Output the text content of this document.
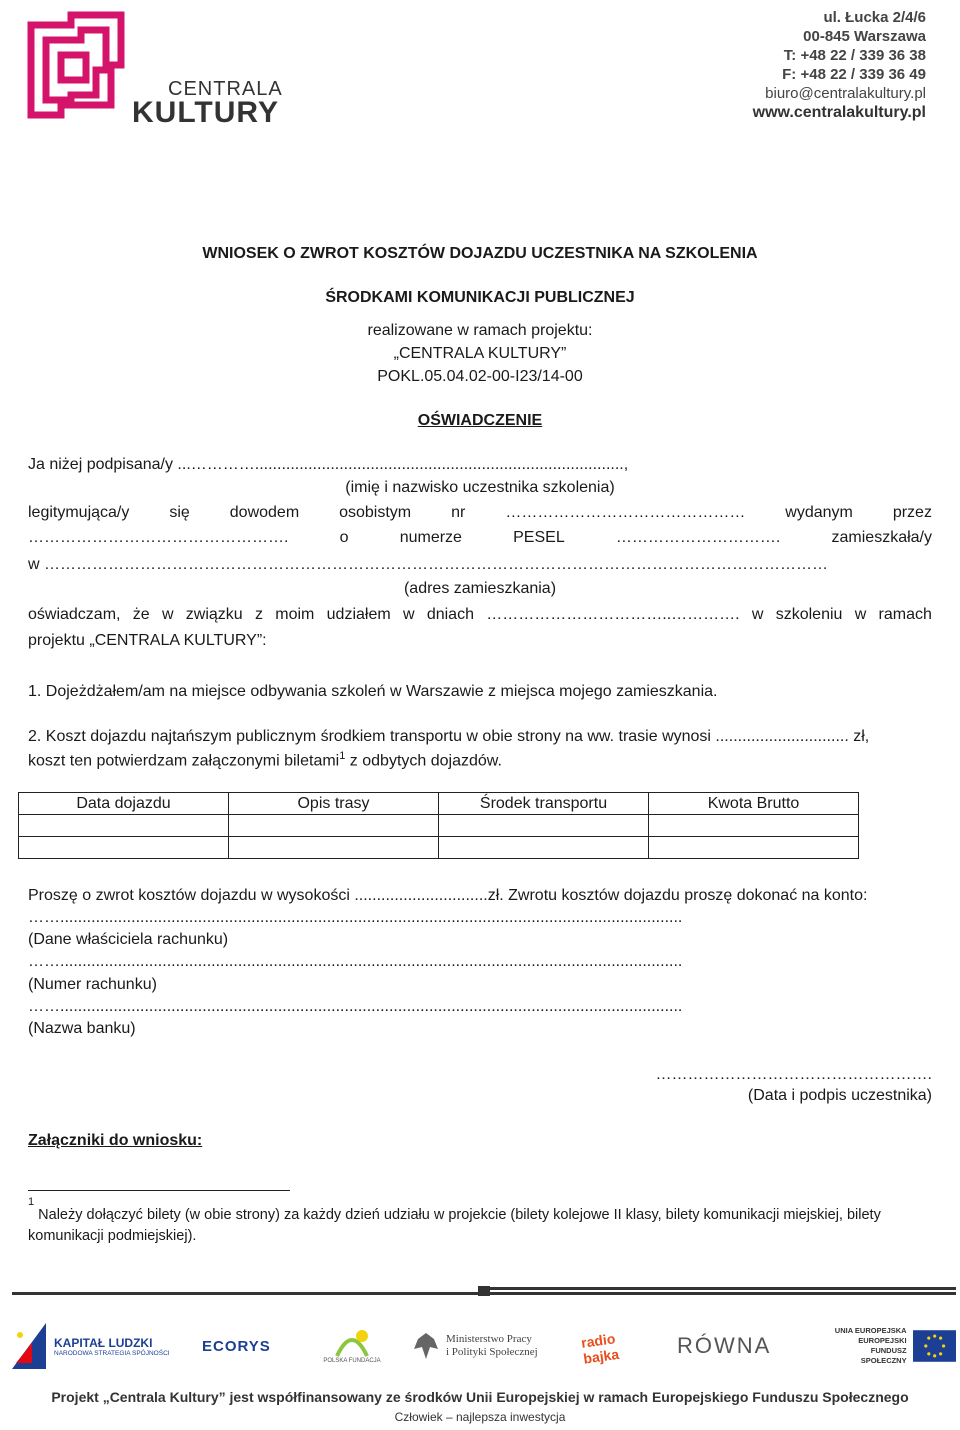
CENTRALA
KULTURY
ul. Łucka 2/4/6
00-845 Warszawa
T: +48 22 / 339 36 38
F: +48 22 / 339 36 49
biuro@centralakultury.pl
www.centralakultury.pl
WNIOSEK O ZWROT KOSZTÓW DOJAZDU UCZESTNIKA NA SZKOLENIA
ŚRODKAMI KOMUNIKACJI PUBLICZNEJ
realizowane w ramach projektu:
„CENTRALA KULTURY”
POKL.05.04.02-00-I23/14-00
OŚWIADCZENIE
Ja niżej podpisana/y ...…………...................................................................................,
(imię i nazwisko uczestnika szkolenia)
legitymująca/y się dowodem osobistym nr ……………………………………… wydanym przez
………………………………………….	o	numerze	PESEL	………………………….	zamieszkała/y
w …………………………………………………………………………………………………………………………………
(adres zamieszkania)
oświadczam, że w związku z moim udziałem w dniach ……………………………..…………. w szkoleniu w ramach
projektu „CENTRALA KULTURY”:
1. Dojeżdżałem/am na miejsce odbywania szkoleń w Warszawie z miejsca mojego zamieszkania.
2. Koszt dojazdu najtańszym publicznym środkiem transportu w obie strony na ww. trasie wynosi .............................. zł,
koszt ten potwierdzam załączonymi biletami$^1$ z odbytych dojazdów.
Data dojazdu	Opis trasy	Środek transportu	Kwota Brutto

Proszę o zwrot kosztów dojazdu w wysokości ..............................zł. Zwrotu kosztów dojazdu proszę dokonać na konto:
……............................................................................................................................................
(Dane właściciela rachunku)
……............................................................................................................................................
(Numer rachunku)
……............................................................................................................................................
(Nazwa banku)
…………………………………………….
(Data i podpis uczestnika)
Załączniki do wniosku:
$^1$ Należy dołączyć bilety (w obie strony) za każdy dzień udziału w projekcie (bilety kolejowe II klasy, bilety komunikacji miejskiej, bilety komunikacji podmiejskiej).
KAPITAŁ LUDZKI
NARODOWA STRATEGIA SPÓJNOŚCI ECORYS
POLSKA FUNDACJA
Ministerstwo Pracy
i Polityki Społecznej
radio bajka	RÓWNA
UNIA EUROPEJSKA
EUROPEJSKI
FUNDUSZ SPOŁECZNY
Projekt „Centrala Kultury” jest współfinansowany ze środków Unii Europejskiej w ramach Europejskiego Funduszu Społecznego
Człowiek – najlepsza inwestycja
